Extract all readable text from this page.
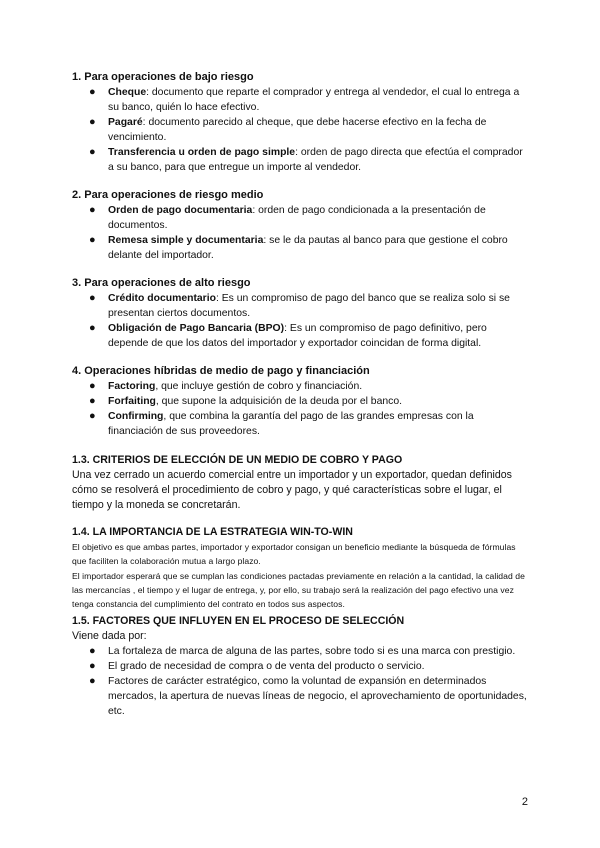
1. Para operaciones de bajo riesgo
● Cheque: documento que reparte el comprador y entrega al vendedor, el cual lo entrega a su banco, quién lo hace efectivo.
● Pagaré: documento parecido al cheque, que debe hacerse efectivo en la fecha de vencimiento.
● Transferencia u orden de pago simple: orden de pago directa que efectúa el comprador a su banco, para que entregue un importe al vendedor.
2. Para operaciones de riesgo medio
● Orden de pago documentaria: orden de pago condicionada a la presentación de documentos.
● Remesa simple y documentaria: se le da pautas al banco para que gestione el cobro delante del importador.
3. Para operaciones de alto riesgo
● Crédito documentario: Es un compromiso de pago del banco que se realiza solo si se presentan ciertos documentos.
● Obligación de Pago Bancaria (BPO): Es un compromiso de pago definitivo, pero depende de que los datos del importador y exportador coincidan de forma digital.
4. Operaciones híbridas de medio de pago y financiación
● Factoring, que incluye gestión de cobro y financiación.
● Forfaiting, que supone la adquisición de la deuda por el banco.
● Confirming, que combina la garantía del pago de las grandes empresas con la financiación de sus proveedores.
1.3. CRITERIOS DE ELECCIÓN DE UN MEDIO DE COBRO Y PAGO

Una vez cerrado un acuerdo comercial entre un importador y un exportador, quedan definidos cómo se resolverá el procedimiento de cobro y pago, y qué características sobre el lugar, el tiempo y la moneda se concretarán.

1.4. LA IMPORTANCIA DE LA ESTRATEGIA WIN-TO-WIN

El objetivo es que ambas partes, importador y exportador consigan un beneficio mediante la búsqueda de fórmulas que faciliten la colaboración mutua a largo plazo.

El importador esperará que se cumplan las condiciones pactadas previamente en relación a la cantidad, la calidad de las mercancías , el tiempo y el lugar de entrega, y, por ello, su trabajo será la realización del pago efectivo una vez tenga constancia del cumplimiento del contrato en todos sus aspectos.

1.5. FACTORES QUE INFLUYEN EN EL PROCESO DE SELECCIÓN

Viene dada por:

● La fortaleza de marca de alguna de las partes, sobre todo si es una marca con prestigio.
● El grado de necesidad de compra o de venta del producto o servicio.
● Factores de carácter estratégico, como la voluntad de expansión en determinados mercados, la apertura de nuevas líneas de negocio, el aprovechamiento de oportunidades, etc.
2
